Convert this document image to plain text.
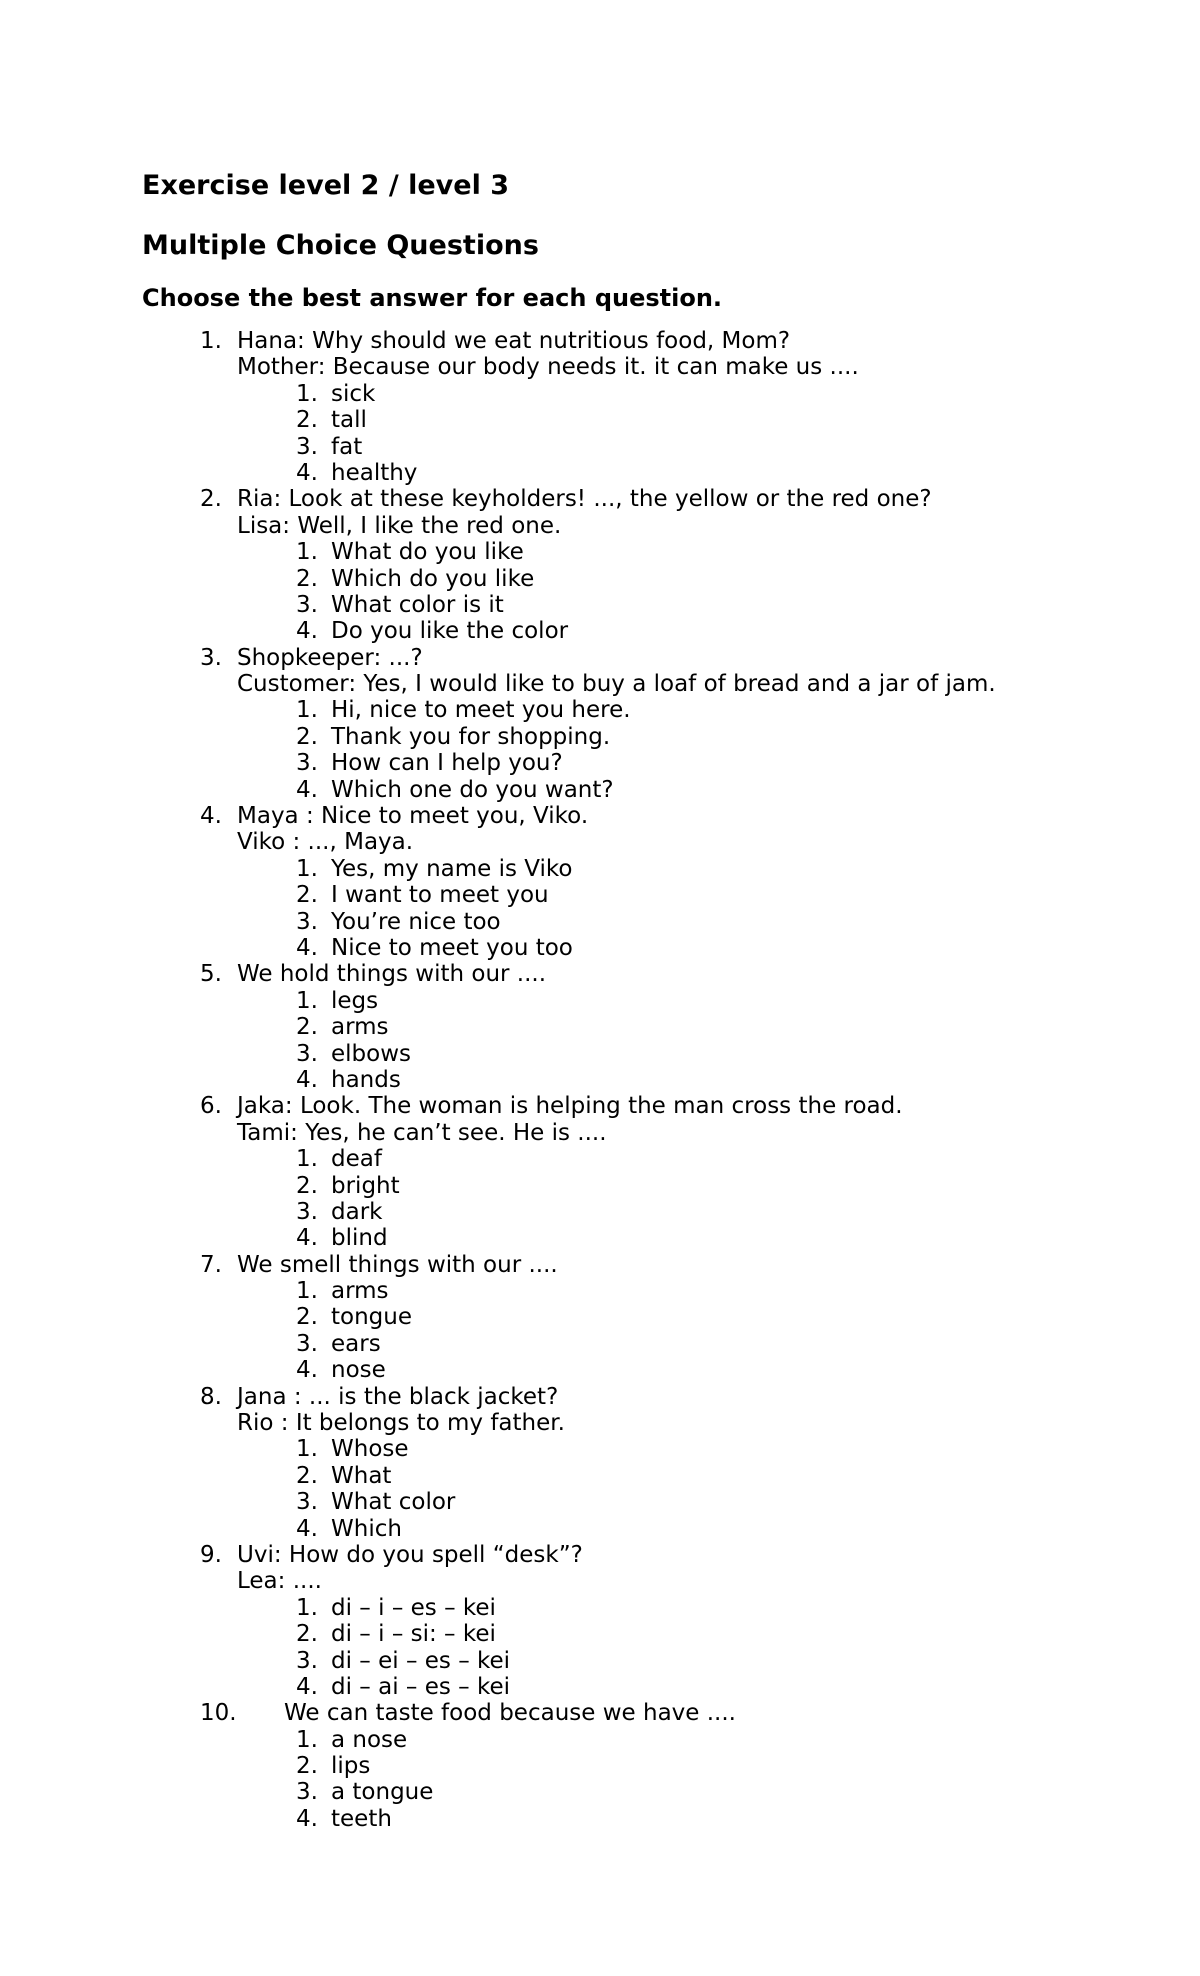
Exercise level 2 / level 3
Multiple Choice Questions

Choose the best answer for each question.

1. Hana: Why should we eat nutritious food, Mom?
Mother: Because our body needs it. it can make us ....
1. sick
2. tall
3. fat
4. healthy
2. Ria: Look at these keyholders! ..., the yellow or the red one?
Lisa: Well, I like the red one.
1. What do you like
2. Which do you like
3. What color is it
4. Do you like the color
3. Shopkeeper: ...?
Customer: Yes, I would like to buy a loaf of bread and a jar of jam.
1. Hi, nice to meet you here.
2. Thank you for shopping.
3. How can I help you?
4. Which one do you want?
4. Maya : Nice to meet you, Viko.
Viko : ..., Maya.
1. Yes, my name is Viko
2. I want to meet you
3. You’re nice too
4. Nice to meet you too
5. We hold things with our ....
1. legs
2. arms
3. elbows
4. hands
6. Jaka: Look. The woman is helping the man cross the road.
Tami: Yes, he can’t see. He is ....
1. deaf
2. bright
3. dark
4. blind
7. We smell things with our ....
1. arms
2. tongue
3. ears
4. nose
8. Jana : ... is the black jacket?
Rio : It belongs to my father.
1. Whose
2. What
3. What color
4. Which
9. Uvi: How do you spell “desk”?
Lea: ....
1. di – i – es – kei
2. di – i – si: – kei
3. di – ei – es – kei
4. di – ai – es – kei
10. We can taste food because we have ....
1. a nose
2. lips
3. a tongue
4. teeth
